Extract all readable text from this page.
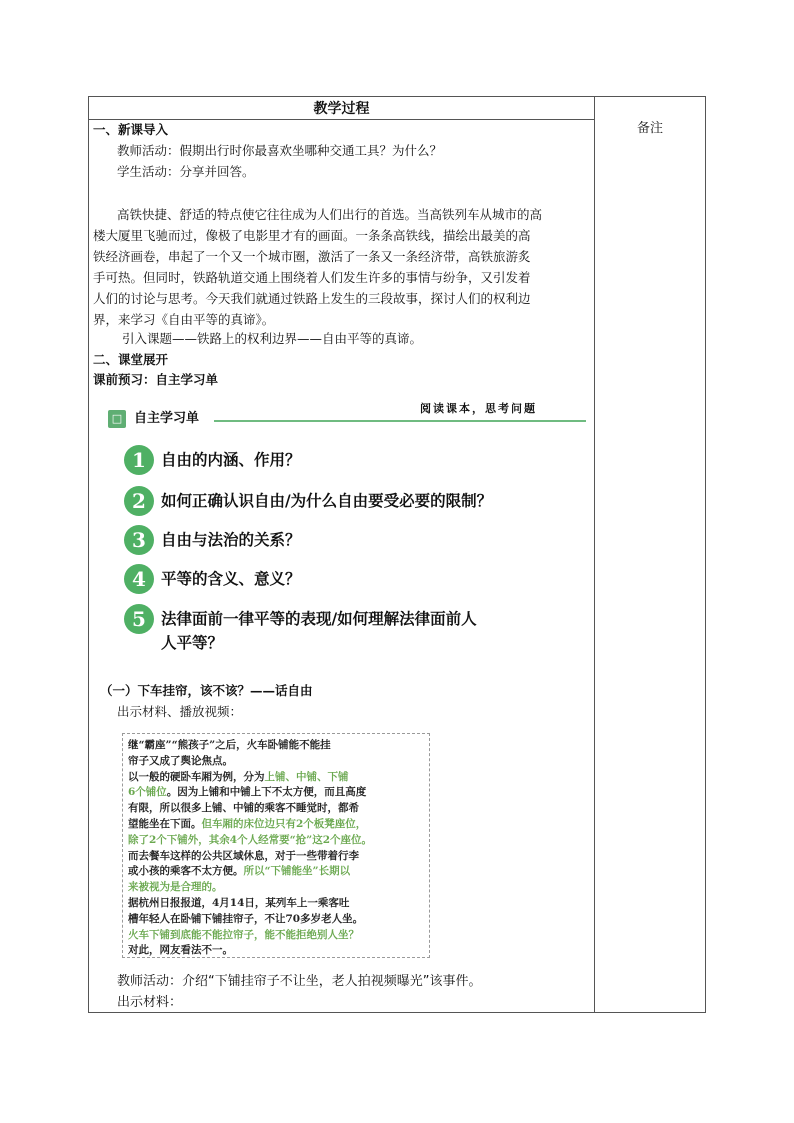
教学过程
备注
一、新课导入
教师活动：假期出行时你最喜欢坐哪种交通工具？为什么？
学生活动：分享并回答。
高铁快捷、舒适的特点使它往往成为人们出行的首选。当高铁列车从城市的高
楼大厦里飞驰而过，像极了电影里才有的画面。一条条高铁线，描绘出最美的高
铁经济画卷，串起了一个又一个城市圈，激活了一条又一条经济带，高铁旅游炙
手可热。但同时，铁路轨道交通上围绕着人们发生许多的事情与纷争，又引发着
人们的讨论与思考。今天我们就通过铁路上发生的三段故事，探讨人们的权利边
界，来学习《自由平等的真谛》。
引入课题——铁路上的权利边界——自由平等的真谛。
二、课堂展开
课前预习：自主学习单
□ 自主学习单
阅读课本，思考问题
1 自由的内涵、作用？
2 如何正确认识自由/为什么自由要受必要的限制？
3 自由与法治的关系？
4 平等的含义、意义？
5 法律面前一律平等的表现/如何理解法律面前人
人平等？
（一）下车挂帘，该不该？——话自由
出示材料、播放视频：
继“霸座”“熊孩子”之后，火车卧铺能不能挂
帘子又成了舆论焦点。
以一般的硬卧车厢为例，分为上铺、中铺、下铺
6个铺位。因为上铺和中铺上下不太方便，而且高度
有限，所以很多上铺、中铺的乘客不睡觉时，都希
望能坐在下面。但车厢的床位边只有2个板凳座位，
除了2个下铺外，其余4个人经常要“抢”这2个座位。
而去餐车这样的公共区域休息，对于一些带着行李
或小孩的乘客不太方便。所以“下铺能坐”长期以
来被视为是合理的。
据杭州日报报道，4月14日，某列车上一乘客吐
槽年轻人在卧铺下铺挂帘子，不让70多岁老人坐。
火车下铺到底能不能拉帘子，能不能拒绝别人坐？
对此，网友看法不一。
教师活动：介绍“下铺挂帘子不让坐，老人拍视频曝光”该事件。
出示材料：
